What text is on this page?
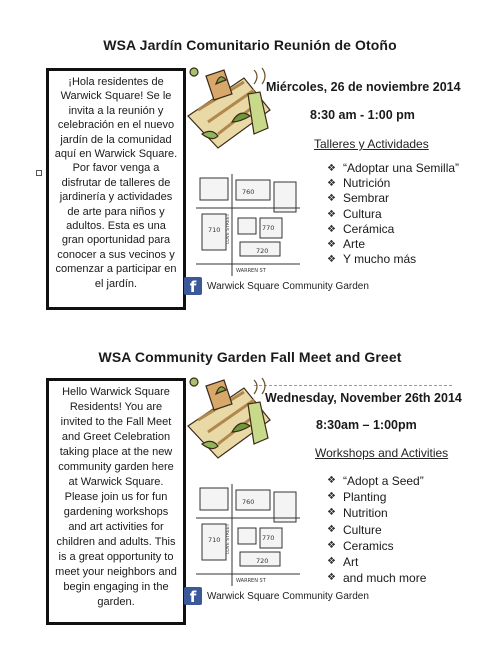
WSA Jardín Comunitario Reunión de Otoño
¡Hola residentes de Warwick Square! Se le invita a la reunión y celebración en el nuevo jardín de la comunidad aquí en Warwick Square. Por favor venga a disfrutar de talleres de jardinería y actividades de arte para niños y adultos. Esta es una gran oportunidad para conocer a sus vecinos y comenzar a participar en el jardín.
760
770
710
720
WARREN ST
LOVE STREET
f	Warwick Square Community Garden
Miércoles, 26 de noviembre 2014
8:30 am - 1:00 pm
Talleres y Actividades
❖ “Adoptar una Semilla”
❖ Nutrición
❖ Sembrar
❖ Cultura
❖ Cerámica
❖ Arte
❖ Y mucho más
WSA Community Garden Fall Meet and Greet
Hello Warwick Square Residents! You are invited to the Fall Meet and Greet Celebration taking place at the new community garden here at Warwick Square. Please join us for fun gardening workshops and art activities for children and adults. This is a great opportunity to meet your neighbors and begin engaging in the garden.
760
770
710
720
WARREN ST
LOVE STREET
f	Warwick Square Community Garden
Wednesday, November 26th 2014
8:30am – 1:00pm
Workshops and Activities
❖ “Adopt a Seed”
❖ Planting
❖ Nutrition
❖ Culture
❖ Ceramics
❖ Art
❖ and much more
